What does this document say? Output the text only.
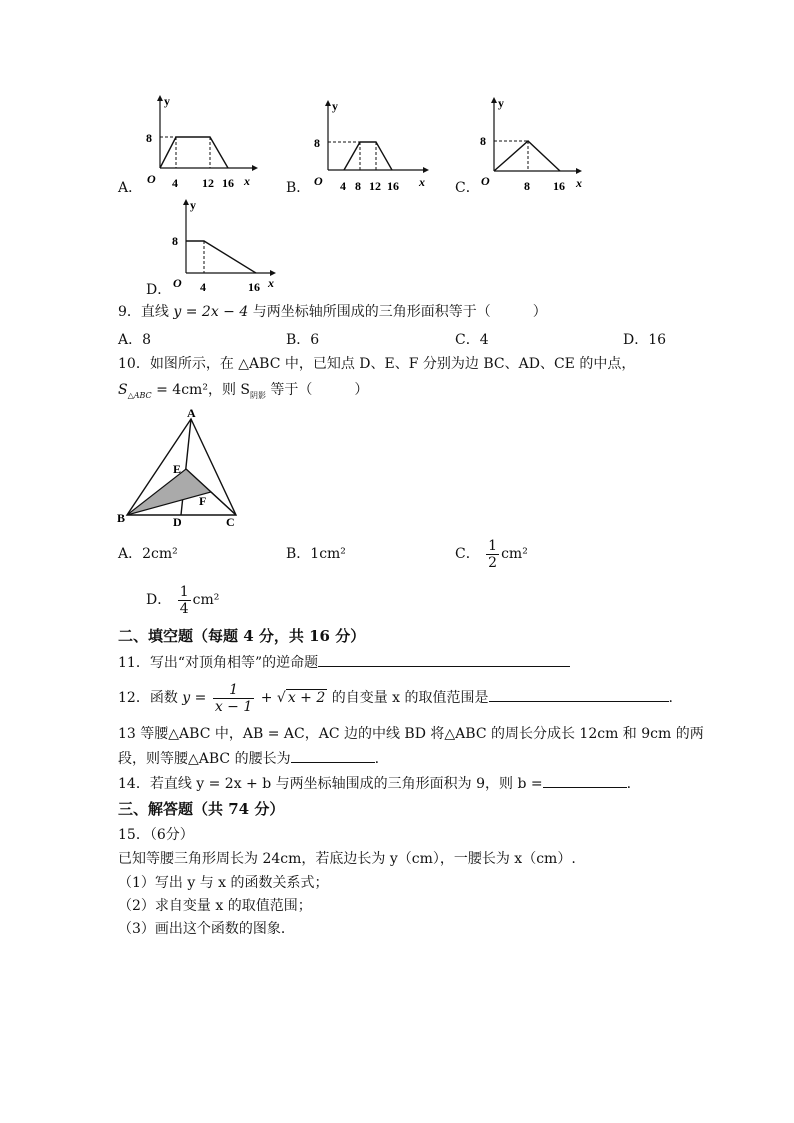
A．
y
8
O 4 12 16 x	B．
y
8
O 4 8 12 16 x C．
y
8
O	8 16 x
D．
y
8
O 4	16 x
9．直线 y = 2x − 4 与两坐标轴所围成的三角形面积等于（　　　）
A．8	B．6	C．4	D．16
10．如图所示，在 △ABC 中，已知点 D、E、F 分别为边 BC、AD、CE 的中点，
$S_{\triangle ABC} = 4cm^2$，则 $S_{阴影}$ 等于（　　　）
A
B	C
D
E
F
A．2cm²	B．1cm²	C． $\frac{1}{2} cm^2$
D． $\frac{1}{4} cm^2$
二、填空题（每题 4 分，共 16 分）
11．写出“对顶角相等”的逆命题
12．函数 $y = \frac{1}{x - 1}$ + √ x + 2 的自变量 x 的取值范围是	.
13 等腰△ABC 中，AB = AC，AC 边的中线 BD 将△ABC 的周长分成长 12cm 和 9cm 的两
段，则等腰△ABC 的腰长为	.
14．若直线 y = 2x + b 与两坐标轴围成的三角形面积为 9，则 b =	.
三、解答题（共 74 分）
15．（6分）
已知等腰三角形周长为 24cm，若底边长为 y（cm），一腰长为 x（cm）.
（1）写出 y 与 x 的函数关系式；
（2）求自变量 x 的取值范围；
（3）画出这个函数的图象．
